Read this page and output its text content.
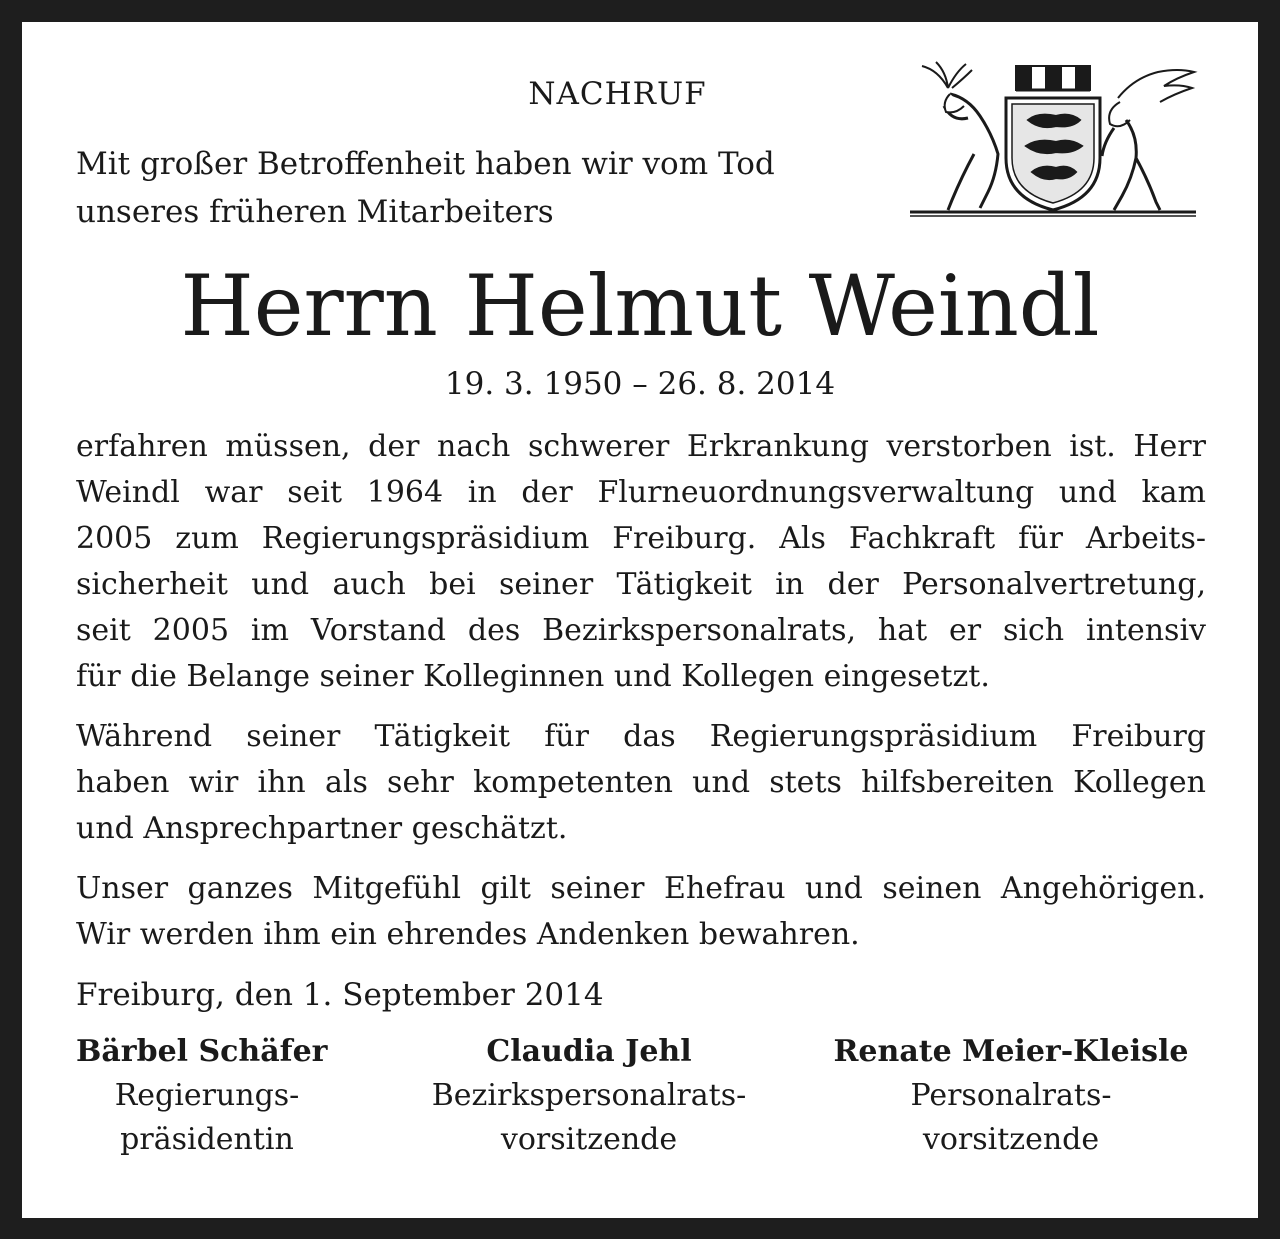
NACHRUF

Mit großer Betroffenheit haben wir vom Tod
unseres früheren Mitarbeiters

Herrn Helmut Weindl

19. 3. 1950 – 26. 8. 2014

erfahren müssen, der nach schwerer Erkrankung verstorben ist. Herr
Weindl war seit 1964 in der Flurneuordnungsverwaltung und kam
2005 zum Regierungspräsidium Freiburg. Als Fachkraft für Arbeits-
sicherheit und auch bei seiner Tätigkeit in der Personalvertretung,
seit 2005 im Vorstand des Bezirkspersonalrats, hat er sich intensiv
für die Belange seiner Kolleginnen und Kollegen eingesetzt.

Während seiner Tätigkeit für das Regierungspräsidium Freiburg
haben wir ihn als sehr kompetenten und stets hilfsbereiten Kollegen
und Ansprechpartner geschätzt.

Unser ganzes Mitgefühl gilt seiner Ehefrau und seinen Angehörigen.
Wir werden ihm ein ehrendes Andenken bewahren.

Freiburg, den 1. September 2014

Bärbel Schäfer
Regierungs-
präsidentin
Claudia Jehl
Bezirkspersonalrats-
vorsitzende
Renate Meier-Kleisle
Personalrats-
vorsitzende
